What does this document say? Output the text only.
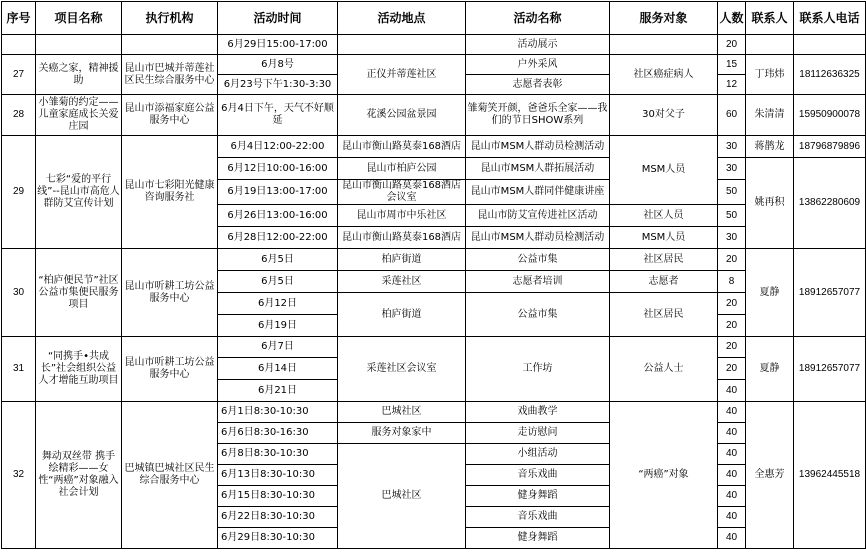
序号	项目名称	执行机构	活动时间	活动地点	活动名称	服务对象	人数	联系人	联系人电话
			6月29日15:00-17:00		活动展示		20		
27	关癌之家，精神援助	昆山市巴城并蒂莲社区民生综合服务中心	6月8号	正仪并蒂莲社区	户外采风	社区癌症病人	15	丁玮炜	18112636325
			6月23号下午1:30-3:30		志愿者表彰		12		
28	小雏菊的约定——儿童家庭成长关爱庄园	昆山市添福家庭公益服务中心	6月4日下午，天气不好顺延	花溪公园盆景园	雏菊笑开颜，爸爸乐全家——我们的节日SHOW系列	30对父子	60	朱清清	15950900078
29	七彩“爱的平行线”--昆山市高危人群防艾宣传计划	昆山市七彩阳光健康咨询服务社	6月4日12:00-22:00	昆山市衡山路莫泰168酒店	昆山市MSM人群动员检测活动	MSM人员	30	蒋鹊龙	18796879896
			6月12日10:00-16:00	昆山市柏庐公园	昆山市MSM人群拓展活动		30	姚再积	13862280609
			6月19日13:00-17:00	昆山市衡山路莫泰168酒店会议室	昆山市MSM人群同伴健康讲座		50		
			6月26日13:00-16:00	昆山市周市中乐社区	昆山市防艾宣传进社区活动	社区人员	50		
			6月28日12:00-22:00	昆山市衡山路莫泰168酒店	昆山市MSM人群动员检测活动	MSM人员	30		
30	“柏庐便民节”社区公益市集便民服务项目	昆山市听耕工坊公益服务中心	6月5日	柏庐街道	公益市集	社区居民	20	夏静	18912657077
			6月5日	采莲社区	志愿者培训	志愿者	8		
			6月12日	柏庐街道	公益市集	社区居民	20		
			6月19日				20		
31	“同携手•共成长”社会组织公益人才增能互助项目	昆山市听耕工坊公益服务中心	6月7日	采莲社区会议室	工作坊	公益人士	20	夏静	18912657077
			6月14日				20		
			6月21日				40		
32	舞动双丝带 携手绘精彩——女性“两癌”对象融入社会计划	巴城镇巴城社区民生综合服务中心	6月1日8:30-10:30	巴城社区	戏曲教学	“两癌”对象	40	全惠芳	13962445518
			6月6日8:30-16:30	服务对象家中	走访慰问		40		
			6月8日8:30-10:30	巴城社区	小组活动		40		
			6月13日8:30-10:30		音乐戏曲		40		
			6月15日8:30-10:30		健身舞蹈		40		
			6月22日8:30-10:30		音乐戏曲		40		
			6月29日8:30-10:30		健身舞蹈		40		
